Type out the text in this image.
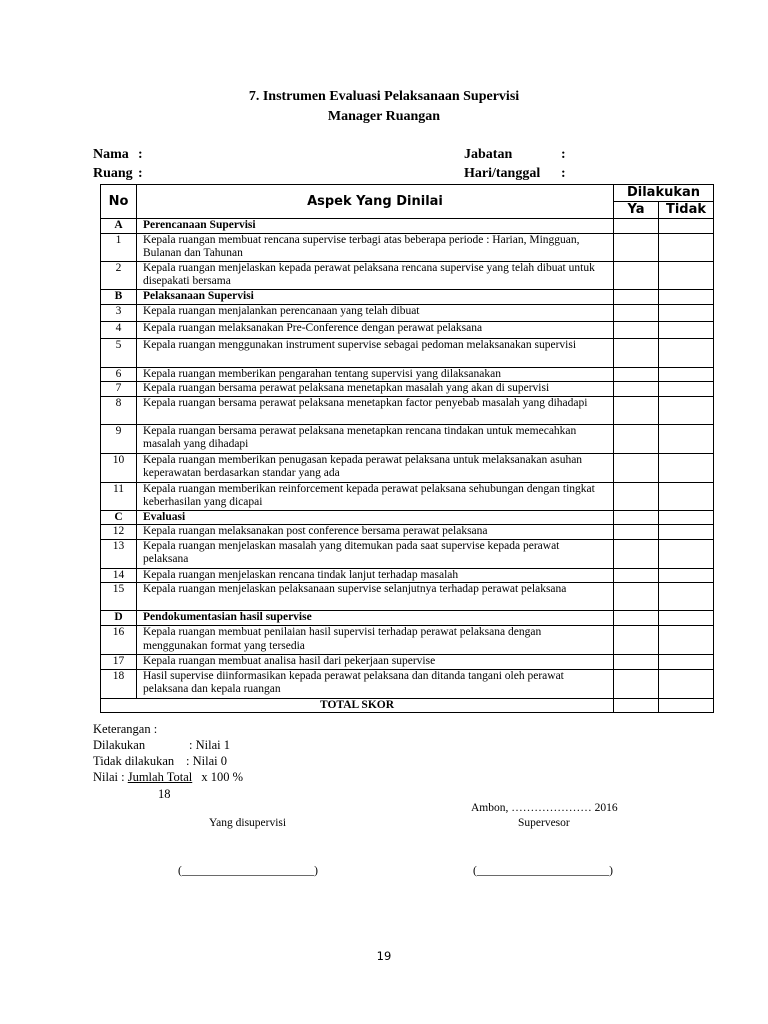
7. Instrumen Evaluasi Pelaksanaan Supervisi
Manager Ruangan
Nama :
Ruang :
Jabatan	:
Hari/tanggal :
No	Aspek Yang Dinilai	Dilakukan	
		Ya	Tidak
A	Perencanaan Supervisi		
1	Kepala ruangan membuat rencana supervise terbagi atas beberapa periode : Harian, Mingguan, Bulanan dan Tahunan		
2	Kepala ruangan menjelaskan kepada perawat pelaksana rencana supervise yang telah dibuat untuk disepakati bersama		
B	Pelaksanaan Supervisi		
3	Kepala ruangan menjalankan perencanaan yang telah dibuat		
4	Kepala ruangan melaksanakan Pre-Conference dengan perawat pelaksana		
5	Kepala ruangan menggunakan instrument supervise sebagai pedoman melaksanakan supervisi		
6	Kepala ruangan memberikan pengarahan tentang supervisi yang dilaksanakan		
7	Kepala ruangan bersama perawat pelaksana menetapkan masalah yang akan di supervisi		
8	Kepala ruangan bersama perawat pelaksana menetapkan factor penyebab masalah yang dihadapi		
9	Kepala ruangan bersama perawat pelaksana menetapkan rencana tindakan untuk memecahkan masalah yang dihadapi		
10	Kepala ruangan memberikan penugasan kepada perawat pelaksana untuk melaksanakan asuhan keperawatan berdasarkan standar yang ada		
11	Kepala ruangan memberikan reinforcement kepada perawat pelaksana sehubungan dengan tingkat keberhasilan yang dicapai		
C	Evaluasi		
12	Kepala ruangan melaksanakan post conference bersama perawat pelaksana		
13	Kepala ruangan menjelaskan masalah yang ditemukan pada saat supervise kepada perawat pelaksana		
14	Kepala ruangan menjelaskan rencana tindak lanjut terhadap masalah		
15	Kepala ruangan menjelaskan pelaksanaan supervise selanjutnya terhadap perawat pelaksana		
D	Pendokumentasian hasil supervise		
16	Kepala ruangan membuat penilaian hasil supervisi terhadap perawat pelaksana dengan menggunakan format yang tersedia		
17	Kepala ruangan membuat analisa hasil dari pekerjaan supervise		
18	Hasil supervise diinformasikan kepada perawat pelaksana dan ditanda tangani oleh perawat pelaksana dan kepala ruangan		
TOTAL SKOR			
Keterangan :
Dilakukan	: Nilai 1
Tidak dilakukan : Nilai 0
Nilai : Jumlah Total x 100 %
18
Ambon, ………………… 2016
Yang disupervisi	Supervesor
(_______________________)	(_______________________)
19
